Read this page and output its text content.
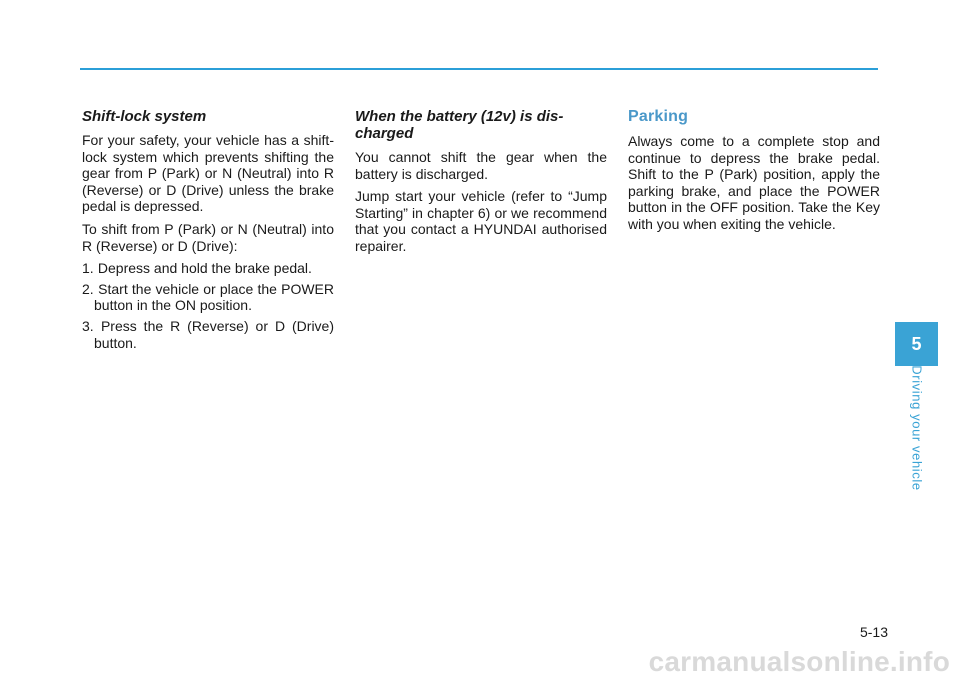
Shift-lock system

For your safety, your vehicle has a shift-lock system which prevents shifting the gear from P (Park) or N (Neutral) into R (Reverse) or D (Drive) unless the brake pedal is depressed.

To shift from P (Park) or N (Neutral) into R (Reverse) or D (Drive):

1. Depress and hold the brake pedal.
2. Start the vehicle or place the POWER button in the ON position.
3. Press the R (Reverse) or D (Drive) button.
When the battery (12v) is dis-charged

You cannot shift the gear when the battery is discharged.

Jump start your vehicle (refer to “Jump Starting” in chapter 6) or we recommend that you contact a HYUNDAI authorised repairer.

Parking

Always come to a complete stop and continue to depress the brake pedal. Shift to the P (Park) position, apply the parking brake, and place the POWER button in the OFF position. Take the Key with you when exiting the vehicle.

5
Driving your vehicle
5-13
carmanualsonline.info
